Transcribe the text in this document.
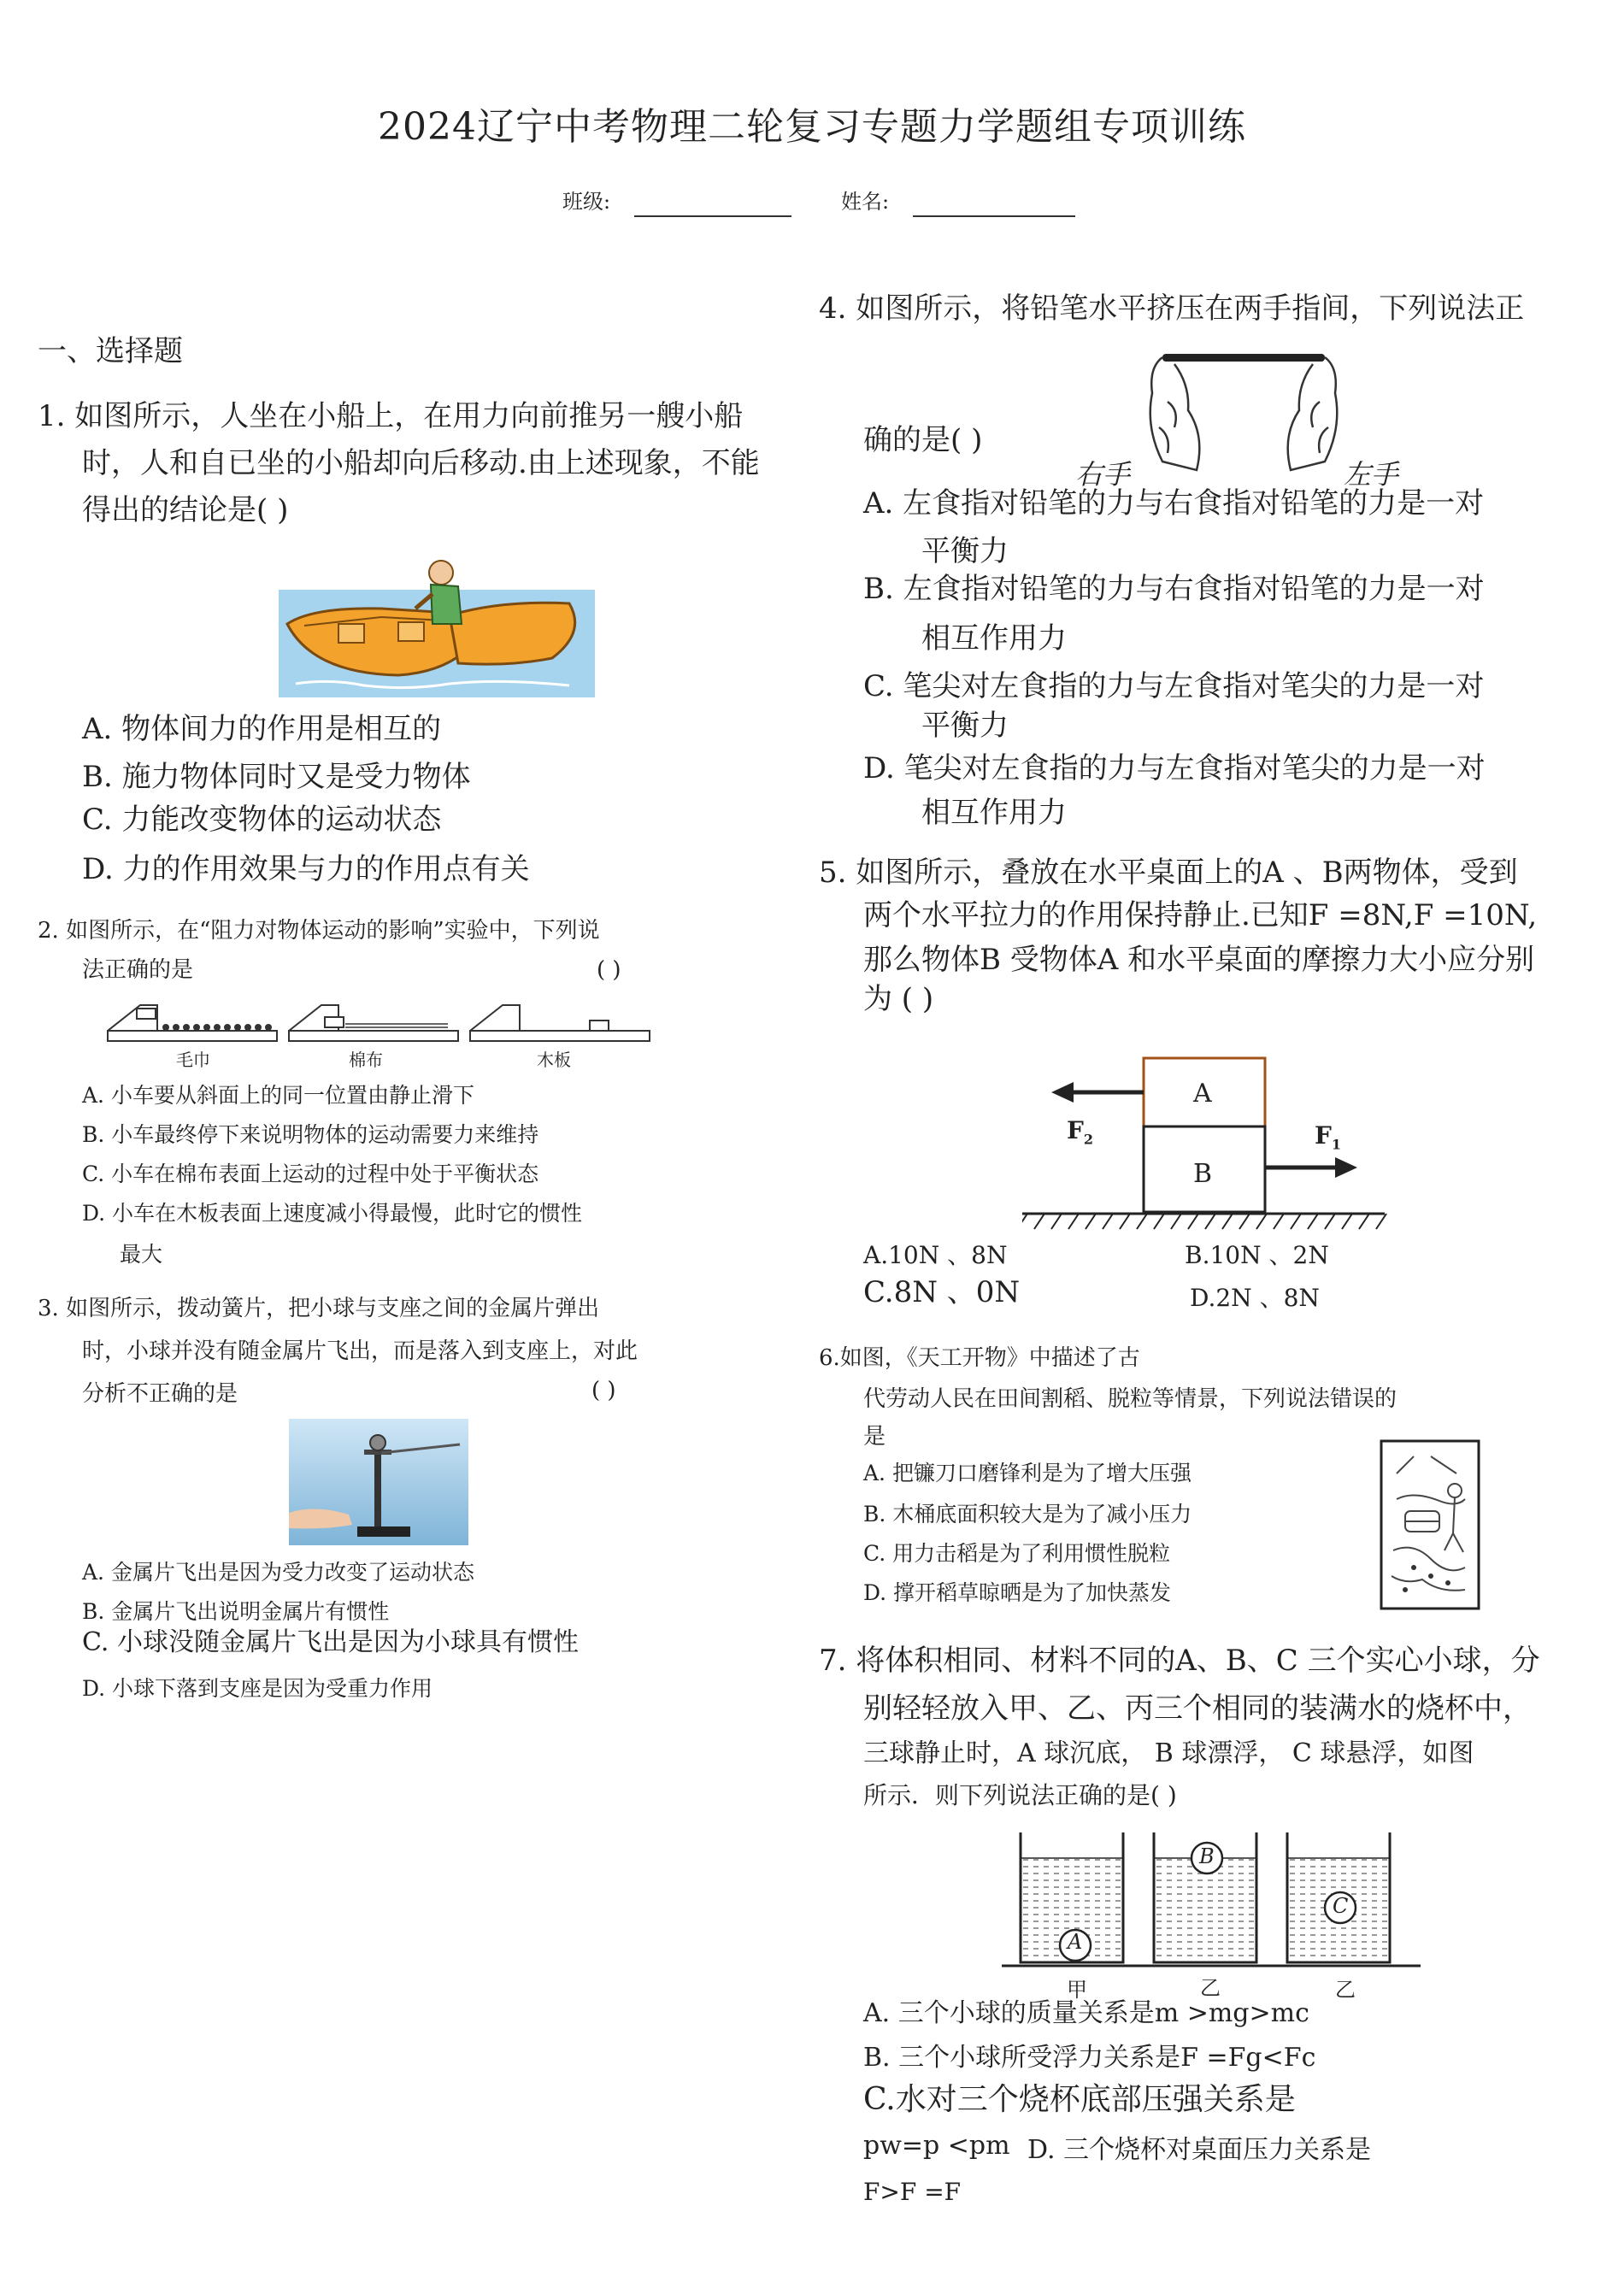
2024辽宁中考物理二轮复习专题力学题组专项训练
班级:	姓名:
一、选择题
1. 如图所示，人坐在小船上，在用力向前推另一艘小船
时，人和自已坐的小船却向后移动.由上述现象，不能
得出的结论是( )
A. 物体间力的作用是相互的
B. 施力物体同时又是受力物体
C. 力能改变物体的运动状态
D. 力的作用效果与力的作用点有关
2. 如图所示，在“阻力对物体运动的影响”实验中，下列说
法正确的是	( )
毛巾	棉布	木板
A. 小车要从斜面上的同一位置由静止滑下
B. 小车最终停下来说明物体的运动需要力来维持
C. 小车在棉布表面上运动的过程中处于平衡状态
D. 小车在木板表面上速度减小得最慢，此时它的惯性
最大
3. 如图所示，拨动簧片，把小球与支座之间的金属片弹出
时，小球并没有随金属片飞出，而是落入到支座上，对此
分析不正确的是	( )
A. 金属片飞出是因为受力改变了运动状态
B. 金属片飞出说明金属片有惯性
C. 小球没随金属片飞出是因为小球具有惯性
D. 小球下落到支座是因为受重力作用
4. 如图所示，将铅笔水平挤压在两手指间，下列说法正
右手	左手
确的是( )
A. 左食指对铅笔的力与右食指对铅笔的力是一对
平衡力
B. 左食指对铅笔的力与右食指对铅笔的力是一对
相互作用力
C. 笔尖对左食指的力与左食指对笔尖的力是一对
平衡力
D. 笔尖对左食指的力与左食指对笔尖的力是一对
相互作用力
5. 如图所示，叠放在水平桌面上的A 、B两物体，受到
两个水平拉力的作用保持静止.已知F =8N,F =10N,
那么物体B 受物体A 和水平桌面的摩擦力大小应分别
为 ( )
A
B
$F_2$	$F_1$
A.10N 、8N	B.10N 、2N
C.8N 、0N	D.2N 、8N
6.如图，《天工开物》中描述了古
代劳动人民在田间割稻、脱粒等情景，下列说法错误的
是
A. 把镰刀口磨锋利是为了增大压强
B. 木桶底面积较大是为了减小压力
C. 用力击稻是为了利用惯性脱粒
D. 撑开稻草晾晒是为了加快蒸发
7. 将体积相同、材料不同的A、B、C 三个实心小球，分
别轻轻放入甲、乙、丙三个相同的装满水的烧杯中，
三球静止时，A 球沉底， B 球漂浮， C 球悬浮，如图
所示．则下列说法正确的是( )
A
B
C
甲	乙	乙
A. 三个小球的质量关系是m >mg>mc
B. 三个小球所受浮力关系是F =Fg<Fc
C.水对三个烧杯底部压强关系是
pw=p <pm D. 三个烧杯对桌面压力关系是
F>F =F
